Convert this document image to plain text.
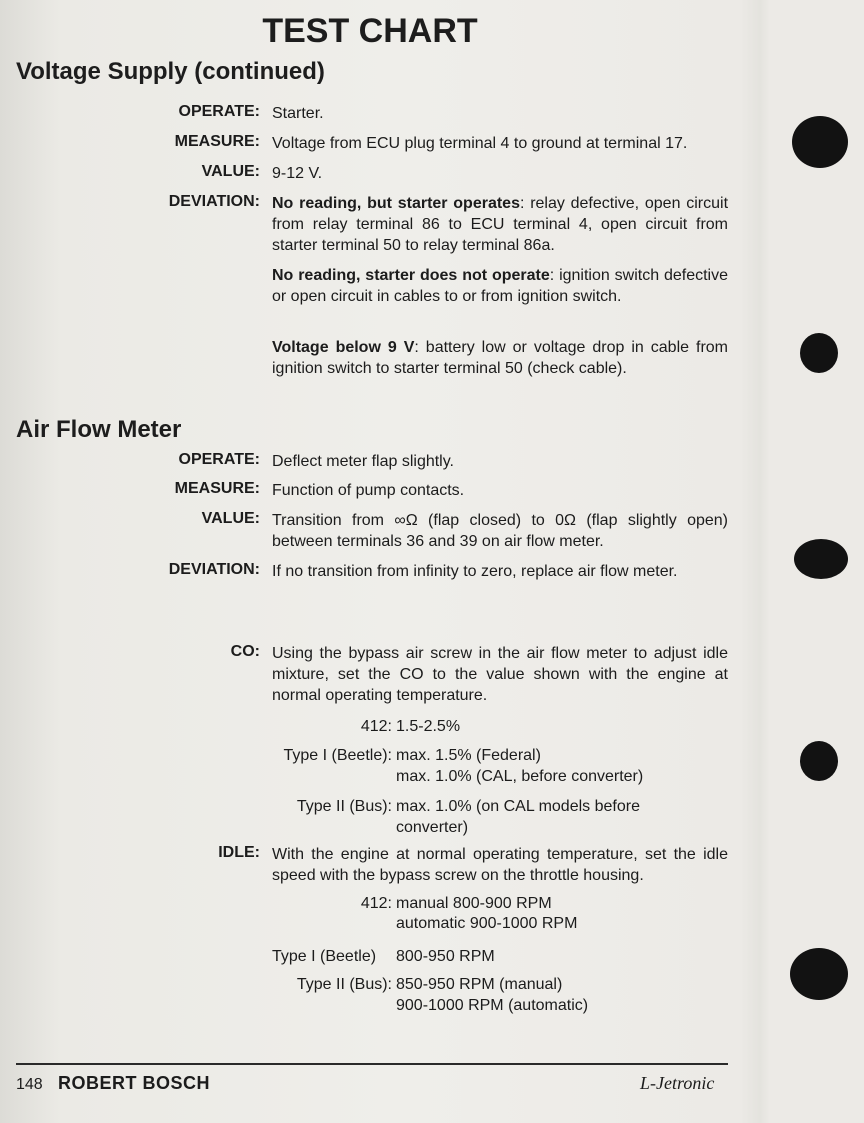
TEST CHART
Voltage Supply (continued)
OPERATE: Starter.
MEASURE: Voltage from ECU plug terminal 4 to ground at terminal 17.
VALUE: 9-12 V.
DEVIATION: No reading, but starter operates: relay defective, open circuit from relay terminal 86 to ECU terminal 4, open circuit from starter terminal 50 to relay terminal 86a.
No reading, starter does not operate: ignition switch defective or open circuit in cables to or from ignition switch.
Voltage below 9 V: battery low or voltage drop in cable from ignition switch to starter terminal 50 (check cable).
Air Flow Meter
OPERATE: Deflect meter flap slightly.
MEASURE: Function of pump contacts.
VALUE: Transition from ∞Ω (flap closed) to 0Ω (flap slightly open) between terminals 36 and 39 on air flow meter.
DEVIATION: If no transition from infinity to zero, replace air flow meter.
CO: Using the bypass air screw in the air flow meter to adjust idle mixture, set the CO to the value shown with the engine at normal operating temperature.
412: 1.5-2.5%
Type I (Beetle): max. 1.5% (Federal)
max. 1.0% (CAL, before converter)
Type II (Bus): max. 1.0% (on CAL models before
converter)
IDLE: With the engine at normal operating temperature, set the idle speed with the bypass screw on the throttle housing.
412: manual 800-900 RPM
automatic 900-1000 RPM
Type I (Beetle) 800-950 RPM
Type II (Bus): 850-950 RPM (manual)
900-1000 RPM (automatic)
148 ROBERT BOSCH	L-Jetronic
